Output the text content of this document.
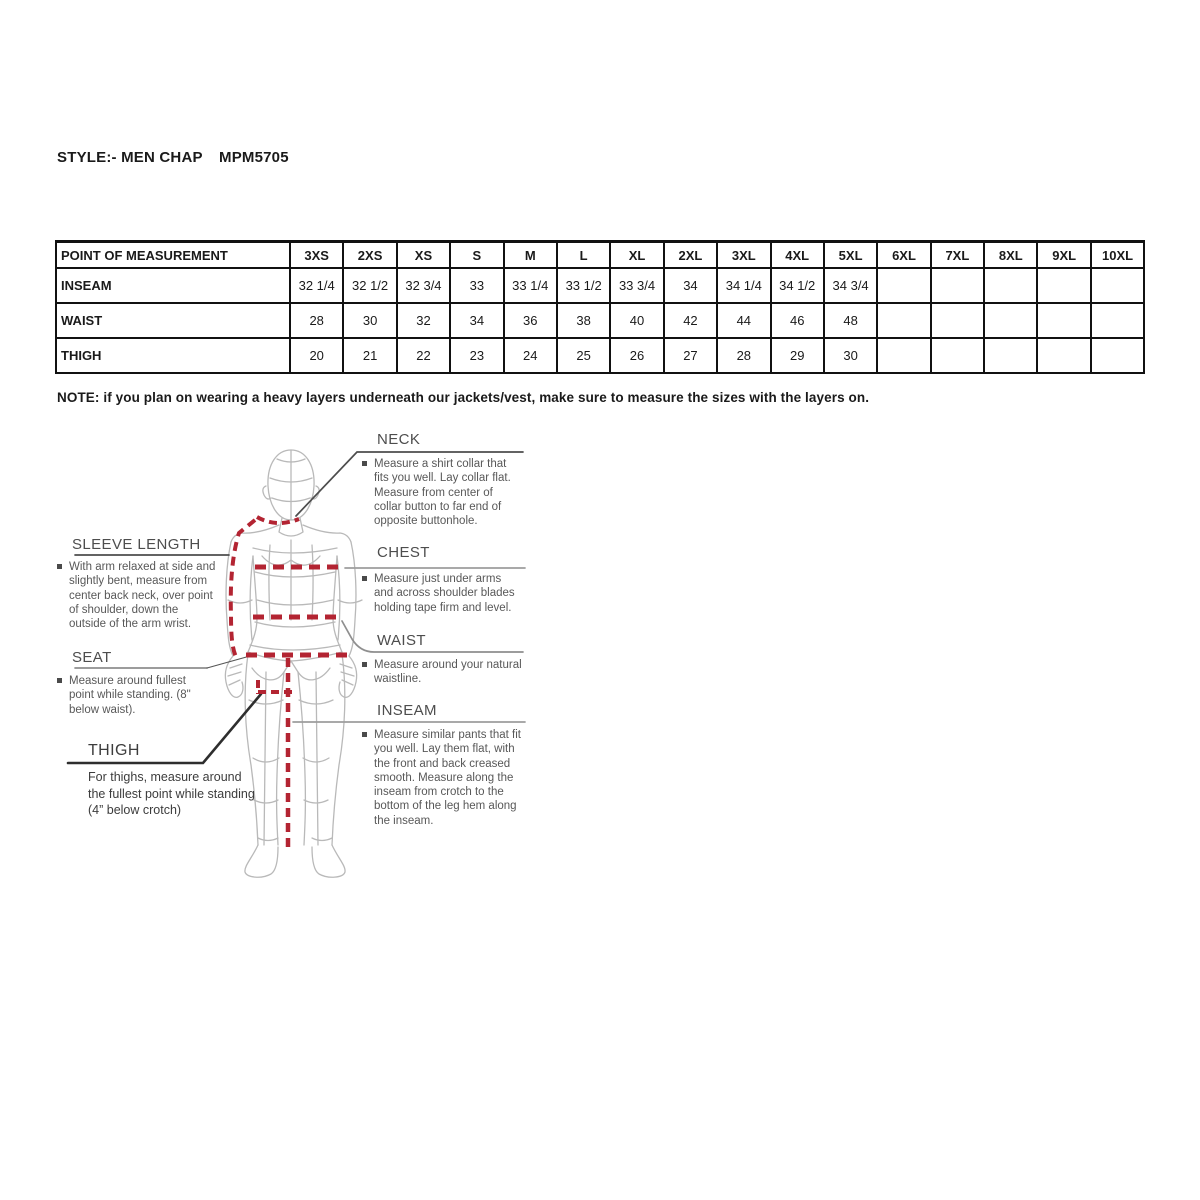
STYLE:- MEN CHAP MPM5705
POINT OF MEASUREMENT	3XS	2XS	XS	S	M	L	XL	2XL	3XL	4XL	5XL	6XL	7XL	8XL	9XL	10XL
INSEAM	32 1/4	32 1/2	32 3/4	33	33 1/4	33 1/2	33 3/4	34	34 1/4	34 1/2	34 3/4					
WAIST	28	30	32	34	36	38	40	42	44	46	48					
THIGH	20	21	22	23	24	25	26	27	28	29	30					
NOTE: if you plan on wearing a heavy layers underneath our jackets/vest, make sure to measure the sizes with the layers on.
NECK
Measure a shirt collar that fits you well. Lay collar flat. Measure from center of collar button to far end of opposite buttonhole.
CHEST
Measure just under arms and across shoulder blades holding tape firm and level.
WAIST
Measure around your natural waistline.
INSEAM
Measure similar pants that fit you well. Lay them flat, with the front and back creased smooth. Measure along the inseam from crotch to the bottom of the leg hem along the inseam.
SLEEVE LENGTH
With arm relaxed at side and slightly bent, measure from center back neck, over point of shoulder, down the outside of the arm wrist.
SEAT
Measure around fullest point while standing. (8" below waist).
THIGH
For thighs, measure around the fullest point while standing (4” below crotch)
